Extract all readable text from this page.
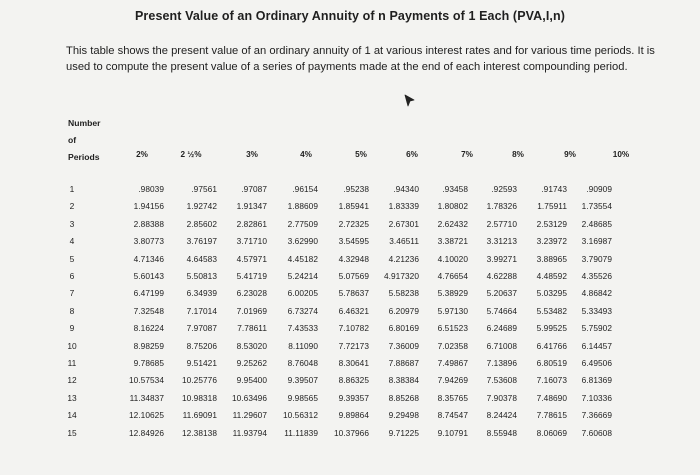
Present Value of an Ordinary Annuity of n Payments of 1 Each (PVA,I,n)
This table shows the present value of an ordinary annuity of 1 at various interest rates and for various time periods. It is used to compute the present value of a series of payments made at the end of each interest compounding period.
Number
of
Periods
1	.98039	.97561	.97087	.96154	.95238	.94340	.93458	.92593	.91743 .90909
2	1.94156	1.92742 1.91347 1.88609 1.85941 1.83339 1.80802 1.78326 1.75911 1.73554
3	2.88388	2.85602 2.82861 2.77509 2.72325 2.67301 2.62432 2.57710 2.53129 2.48685
4	3.80773	3.76197 3.71710 3.62990 3.54595 3.46511 3.38721 3.31213 3.23972 3.16987
5	4.71346	4.64583 4.57971 4.45182 4.32948 4.21236 4.10020 3.99271 3.88965 3.79079
6	5.60143	5.50813 5.41719 5.24214 5.07569 4.917320 4.76654 4.62288 4.48592 4.35526
7	6.47199	6.34939 6.23028 6.00205 5.78637 5.58238 5.38929 5.20637 5.03295 4.86842
8	7.32548	7.17014 7.01969 6.73274 6.46321 6.20979 5.97130 5.74664 5.53482 5.33493
9	8.16224	7.97087 7.78611 7.43533 7.10782 6.80169 6.51523 6.24689 5.99525 5.75902
10	8.98259	8.75206 8.53020	8.11090 7.72173 7.36009 7.02358 6.71008 6.41766 6.14457
11	9.78685	9.51421 9.25262 8.76048 8.30641 7.88687 7.49867 7.13896 6.80519 6.49506
12	10.57534 10.25776 9.95400 9.39507 8.86325 8.38384 7.94269 7.53608 7.16073 6.81369
13	11.34837 10.98318 10.63496 9.98565 9.39357 8.85268 8.35765 7.90378 7.48690 7.10336
14	12.10625 11.69091 11.29607 10.56312 9.89864 9.29498 8.74547 8.24424 7.78615 7.36669
15	12.84926 12.38138 11.93794 11.11839 10.37966 9.71225 9.10791 8.55948 8.06069 7.60608
2%	2 ½%	3%	4%	5%	6%	7%	8%	9%	10%
